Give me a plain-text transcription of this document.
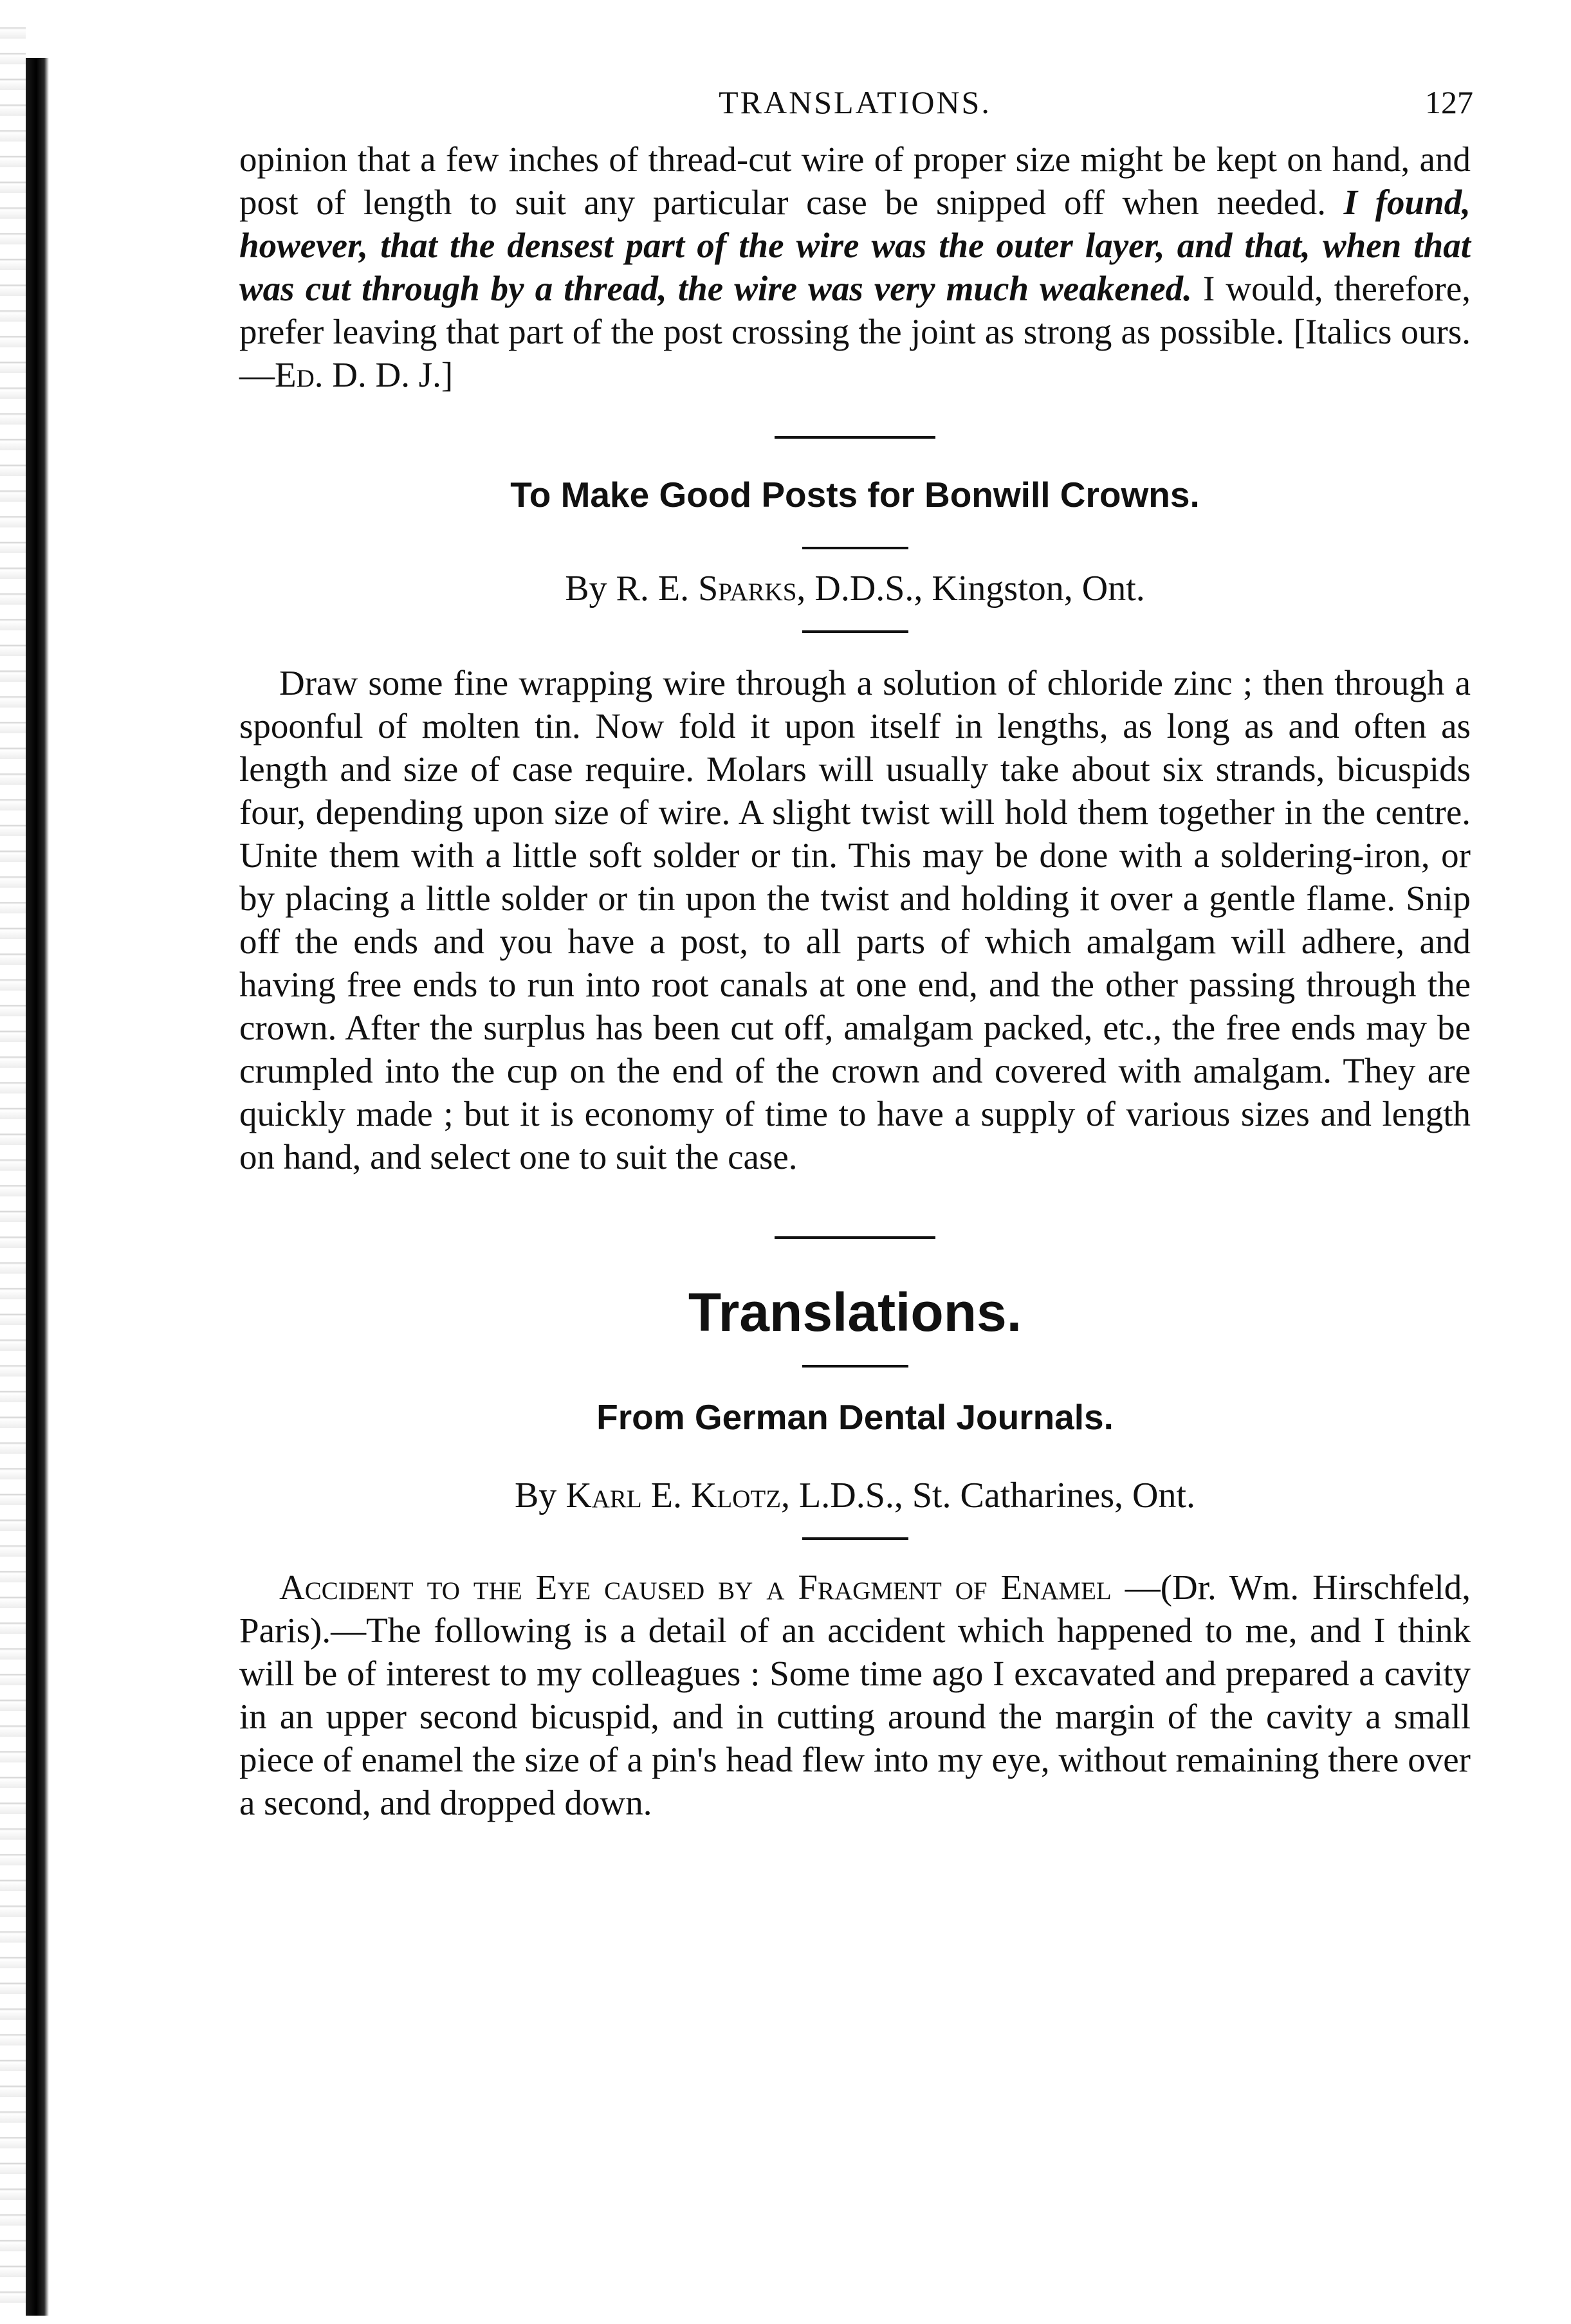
TRANSLATIONS.	127

opinion that a few inches of thread-cut wire of proper size might be kept on hand, and post of length to suit any particular case be snipped off when needed. I found, however, that the densest part of the wire was the outer layer, and that, when that was cut through by a thread, the wire was very much weakened. I would, therefore, prefer leaving that part of the post crossing the joint as strong as possible. [Italics ours.—Ed. D. D. J.]

To Make Good Posts for Bonwill Crowns.
By R. E. Sparks, D.D.S., Kingston, Ont.

Draw some fine wrapping wire through a solution of chloride zinc ; then through a spoonful of molten tin. Now fold it upon itself in lengths, as long as and often as length and size of case require. Molars will usually take about six strands, bicuspids four, depending upon size of wire. A slight twist will hold them together in the centre. Unite them with a little soft solder or tin. This may be done with a soldering-iron, or by placing a little solder or tin upon the twist and holding it over a gentle flame. Snip off the ends and you have a post, to all parts of which amalgam will adhere, and having free ends to run into root canals at one end, and the other passing through the crown. After the surplus has been cut off, amalgam packed, etc., the free ends may be crumpled into the cup on the end of the crown and covered with amalgam. They are quickly made ; but it is economy of time to have a supply of various sizes and length on hand, and select one to suit the case.

Translations.
From German Dental Journals.
By Karl E. Klotz, L.D.S., St. Catharines, Ont.

Accident to the Eye caused by a Fragment of Enamel —(Dr. Wm. Hirschfeld, Paris).—The following is a detail of an accident which happened to me, and I think will be of interest to my colleagues : Some time ago I excavated and prepared a cavity in an upper second bicuspid, and in cutting around the margin of the cavity a small piece of enamel the size of a pin's head flew into my eye, without remaining there over a second, and dropped down.
